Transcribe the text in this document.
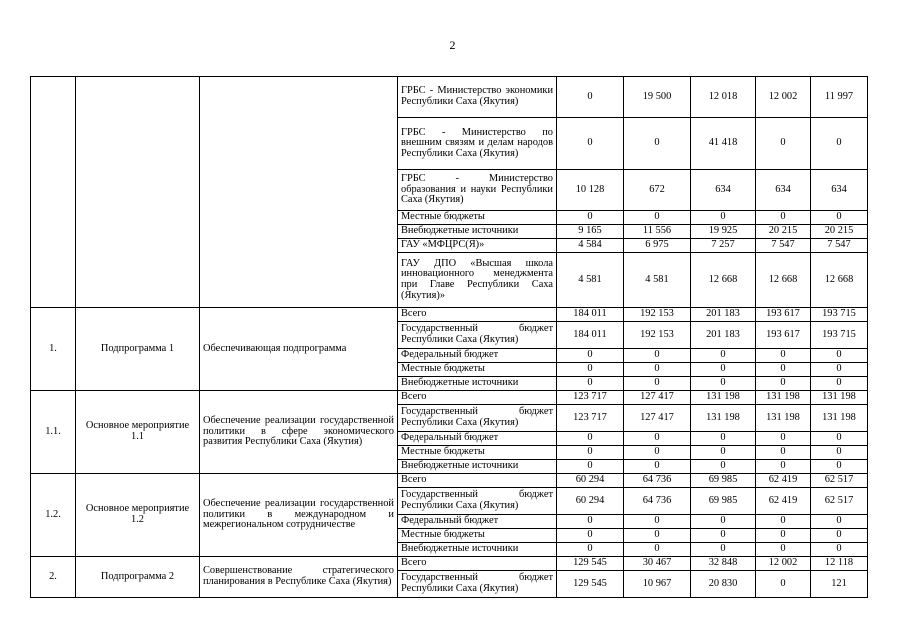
2
			ГРБС - Министерство экономики Республики Саха (Якутия)	0	19 500	12 018	12 002	11 997
			ГРБС - Министерство по внешним связям и делам народов Республики Саха (Якутия)	0	0	41 418	0	0
			ГРБС - Министерство образования и науки Республики Саха (Якутия)	10 128	672	634	634	634
			Местные бюджеты	0	0	0	0	0
			Внебюджетные источники	9 165	11 556	19 925	20 215	20 215
			ГАУ «МФЦРС(Я)»	4 584	6 975	7 257	7 547	7 547
			ГАУ ДПО «Высшая школа инновационного менеджмента при Главе Республики Саха (Якутия)»	4 581	4 581	12 668	12 668	12 668
1.	Подпрограмма 1	Обеспечивающая подпрограмма	Всего	184 011	192 153	201 183	193 617	193 715
			Государственный бюджет Республики Саха (Якутия)	184 011	192 153	201 183	193 617	193 715
			Федеральный бюджет	0	0	0	0	0
			Местные бюджеты	0	0	0	0	0
			Внебюджетные источники	0	0	0	0	0
1.1.	Основное мероприятие 1.1	Обеспечение реализации государственной политики в сфере экономического развития Республики Саха (Якутия)	Всего	123 717	127 417	131 198	131 198	131 198
			Государственный бюджет Республики Саха (Якутия)	123 717	127 417	131 198	131 198	131 198
			Федеральный бюджет	0	0	0	0	0
			Местные бюджеты	0	0	0	0	0
			Внебюджетные источники	0	0	0	0	0
1.2.	Основное мероприятие 1.2	Обеспечение реализации государственной политики в международном и межрегиональном сотрудничестве	Всего	60 294	64 736	69 985	62 419	62 517
			Государственный бюджет Республики Саха (Якутия)	60 294	64 736	69 985	62 419	62 517
			Федеральный бюджет	0	0	0	0	0
			Местные бюджеты	0	0	0	0	0
			Внебюджетные источники	0	0	0	0	0
2.	Подпрограмма 2	Совершенствование стратегического планирования в Республике Саха (Якутия)	Всего	129 545	30 467	32 848	12 002	12 118
			Государственный бюджет Республики Саха (Якутия)	129 545	10 967	20 830	0	121
